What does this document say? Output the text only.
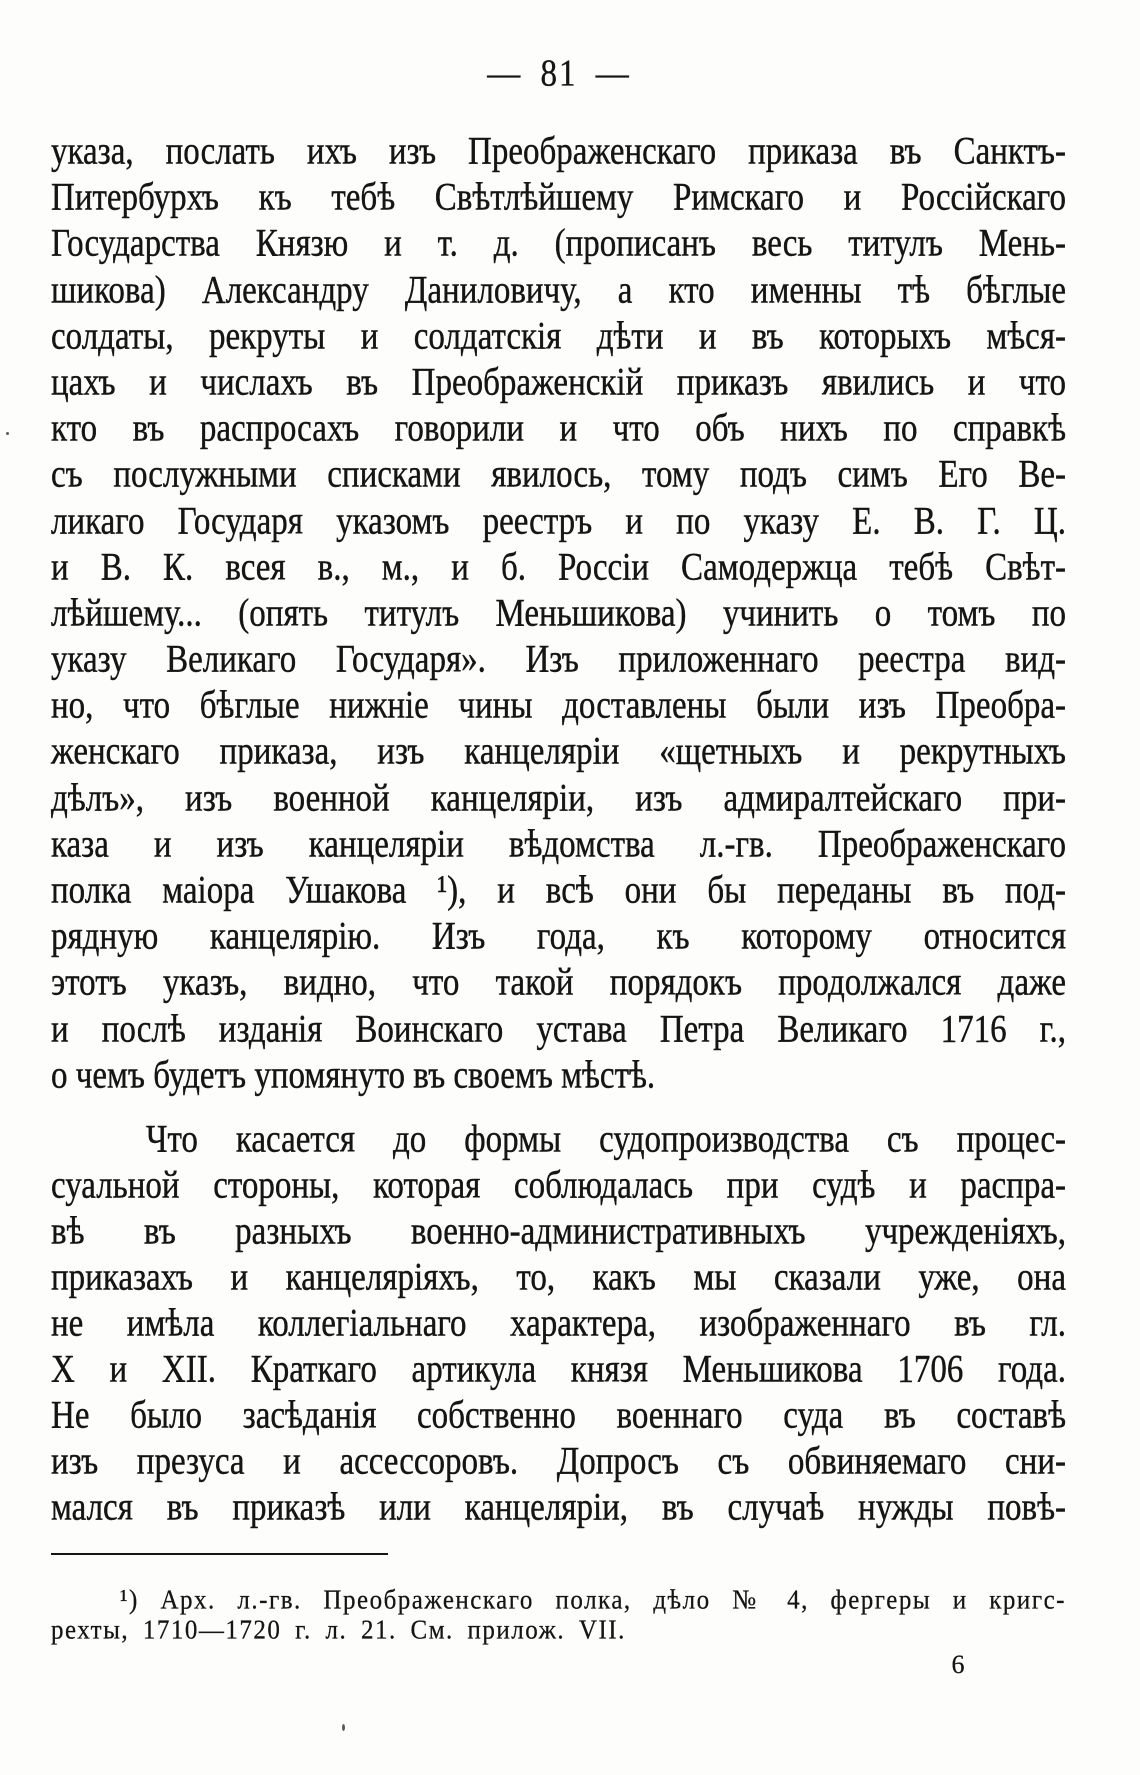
— 81 —
указа, послать ихъ изъ Преображенскаго приказа въ Санктъ-
Питербурхъ къ тебѣ Свѣтлѣйшему Римскаго и Россійскаго
Государства Князю и т. д. (прописанъ весь титулъ Мень-
шикова) Александру Даниловичу, а кто именны тѣ бѣглые
солдаты, рекруты и солдатскія дѣти и въ которыхъ мѣся-
цахъ и числахъ въ Преображенскій приказъ явились и что
кто въ распросахъ говорили и что объ нихъ по справкѣ
съ послужными списками явилось, тому подъ симъ Его Ве-
ликаго Государя указомъ реестръ и по указу Е. В. Г. Ц.
и В. К. всея в., м., и б. Россіи Самодержца тебѣ Свѣт-
лѣйшему... (опять титулъ Меньшикова) учинить о томъ по
указу Великаго Государя». Изъ приложеннаго реестра вид-
но, что бѣглые нижніе чины доставлены были изъ Преобра-
женскаго приказа, изъ канцеляріи «щетныхъ и рекрутныхъ
дѣлъ», изъ военной канцеляріи, изъ адмиралтейскаго при-
каза и изъ канцеляріи вѣдомства л.-гв. Преображенскаго
полка маіора Ушакова ¹), и всѣ они бы переданы въ под-
рядную канцелярію. Изъ года, къ которому относится
этотъ указъ, видно, что такой порядокъ продолжался даже
и послѣ изданія Воинскаго устава Петра Великаго 1716 г.,
о чемъ будетъ упомянуто въ своемъ мѣстѣ.
Что касается до формы судопроизводства съ процес-
суальной стороны, которая соблюдалась при судѣ и распра-
вѣ въ разныхъ военно-административныхъ учрежденіяхъ,
приказахъ и канцеляріяхъ, то, какъ мы сказали уже, она
не имѣла коллегіальнаго характера, изображеннаго въ гл.
X и XII. Краткаго артикула князя Меньшикова 1706 года.
Не было засѣданія собственно военнаго суда въ составѣ
изъ презуса и ассессоровъ. Допросъ съ обвиняемаго сни-
мался въ приказѣ или канцеляріи, въ случаѣ нужды повѣ-
¹) Арх. л.-гв. Преображенскаго полка, дѣло № 4, фергеры и кригс-
рехты, 1710—1720 г. л. 21. См. прилож. VII.
6
